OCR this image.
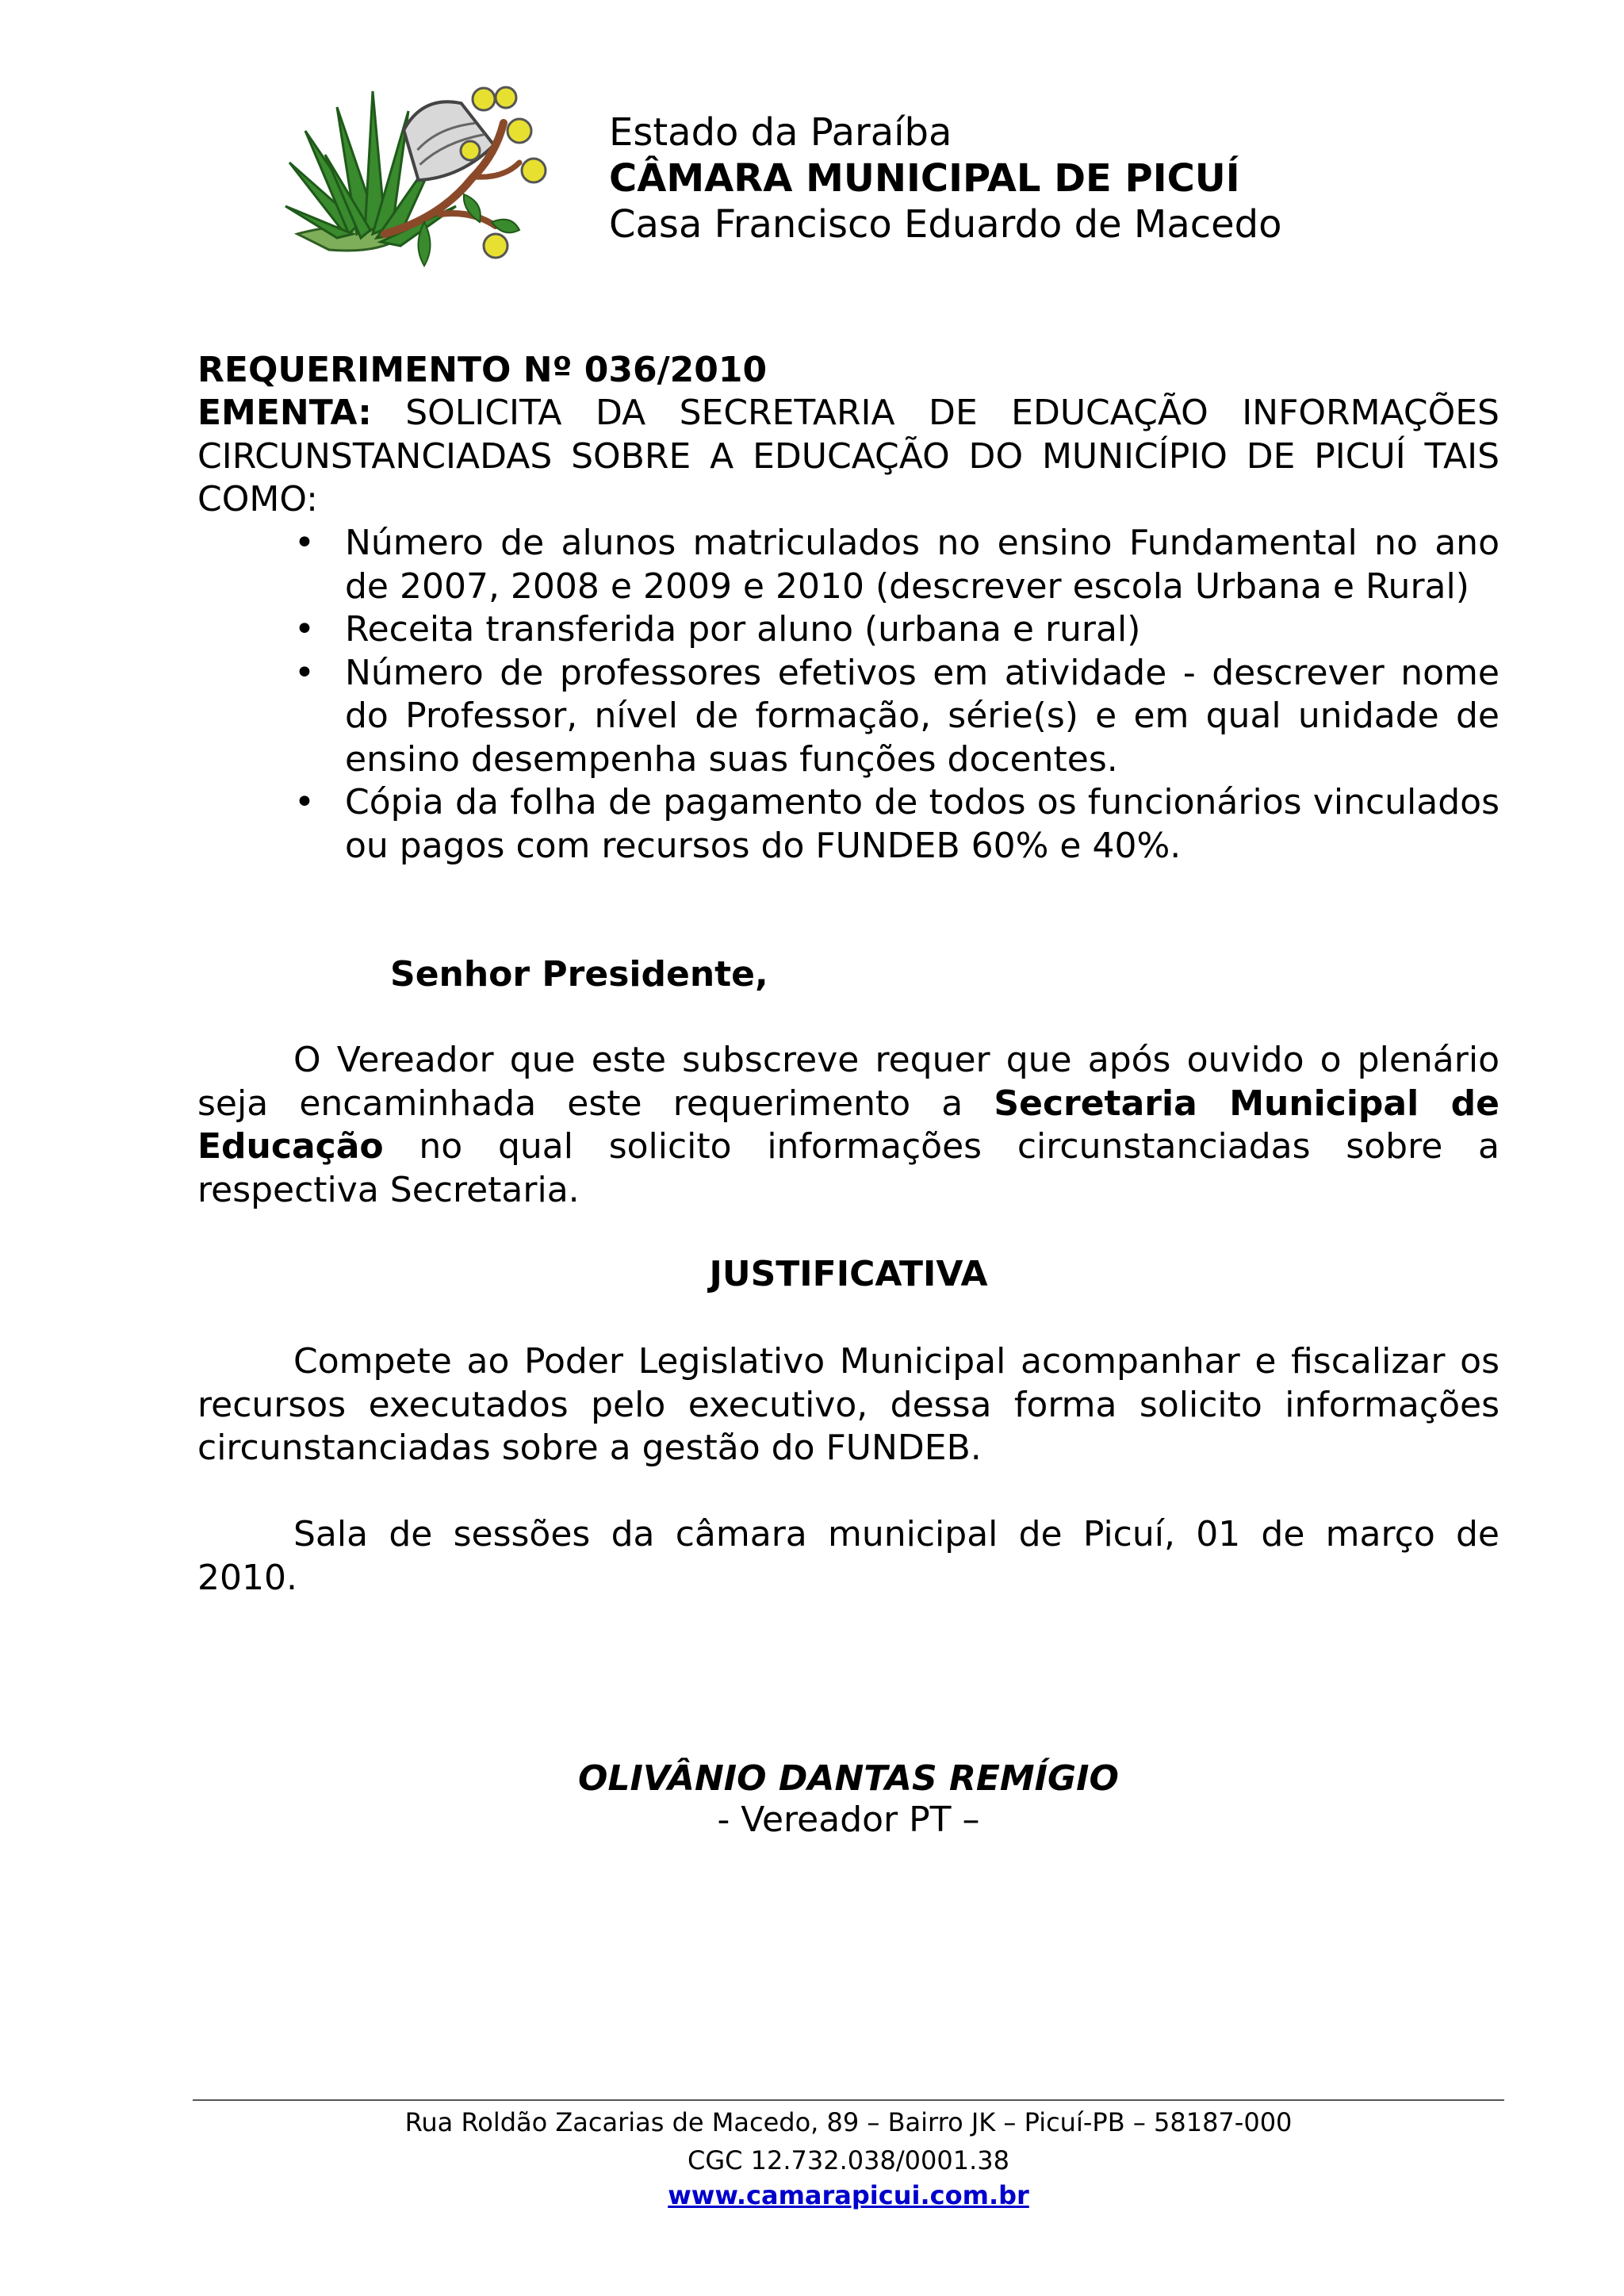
Estado da Paraíba
CÂMARA MUNICIPAL DE PICUÍ
Casa Francisco Eduardo de Macedo
REQUERIMENTO Nº 036/2010
EMENTA: SOLICITA DA SECRETARIA DE EDUCAÇÃO INFORMAÇÕES CIRCUNSTANCIADAS SOBRE A EDUCAÇÃO DO MUNICÍPIO DE PICUÍ TAIS COMO:
• Número de alunos matriculados no ensino Fundamental no ano de 2007, 2008 e 2009 e 2010 (descrever escola Urbana e Rural)
• Receita transferida por aluno (urbana e rural)
• Número de professores efetivos em atividade - descrever nome do Professor, nível de formação, série(s) e em qual unidade de ensino desempenha suas funções docentes.
• Cópia da folha de pagamento de todos os funcionários vinculados ou pagos com recursos do FUNDEB 60% e 40%.
Senhor Presidente,
O Vereador que este subscreve requer que após ouvido o plenário seja encaminhada este requerimento a Secretaria Municipal de Educação no qual solicito informações circunstanciadas sobre a respectiva Secretaria.
JUSTIFICATIVA
Compete ao Poder Legislativo Municipal acompanhar e fiscalizar os recursos executados pelo executivo, dessa forma solicito informações circunstanciadas sobre a gestão do FUNDEB.
Sala de sessões da câmara municipal de Picuí, 01 de março de 2010.
OLIVÂNIO DANTAS REMÍGIO
- Vereador PT –
Rua Roldão Zacarias de Macedo, 89 – Bairro JK – Picuí-PB – 58187-000
CGC 12.732.038/0001.38
www.camarapicui.com.br
